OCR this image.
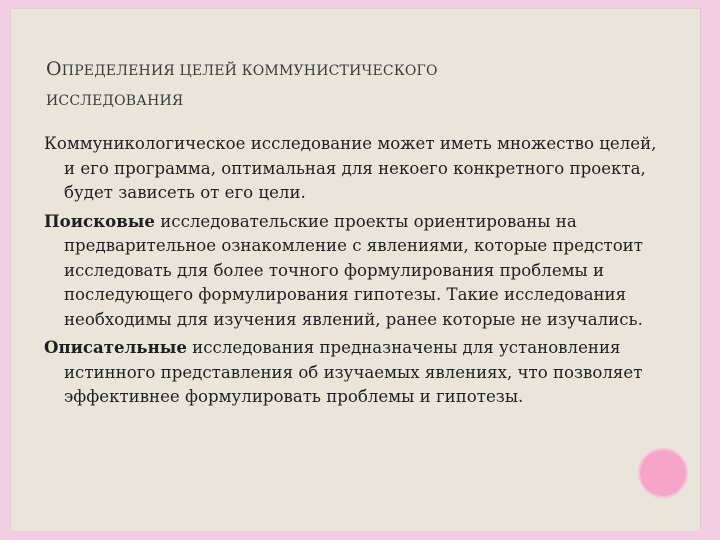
ОПРЕДЕЛЕНИЯ ЦЕЛЕЙ КОММУНИСТИЧЕСКОГО
ИССЛЕДОВАНИЯ

Коммуникологическое исследование может иметь множество целей, и его программа, оптимальная для некоего конкретного проекта, будет зависеть от его цели.

Поисковые исследовательские проекты ориентированы на предварительное ознакомление с явлениями, которые предстоит исследовать для более точного формулирования проблемы и последующего формулирования гипотезы. Такие исследования необходимы для изучения явлений, ранее которые не изучались.

Описательные исследования предназначены для установления истинного представления об изучаемых явлениях, что позволяет эффективнее формулировать проблемы и гипотезы.
